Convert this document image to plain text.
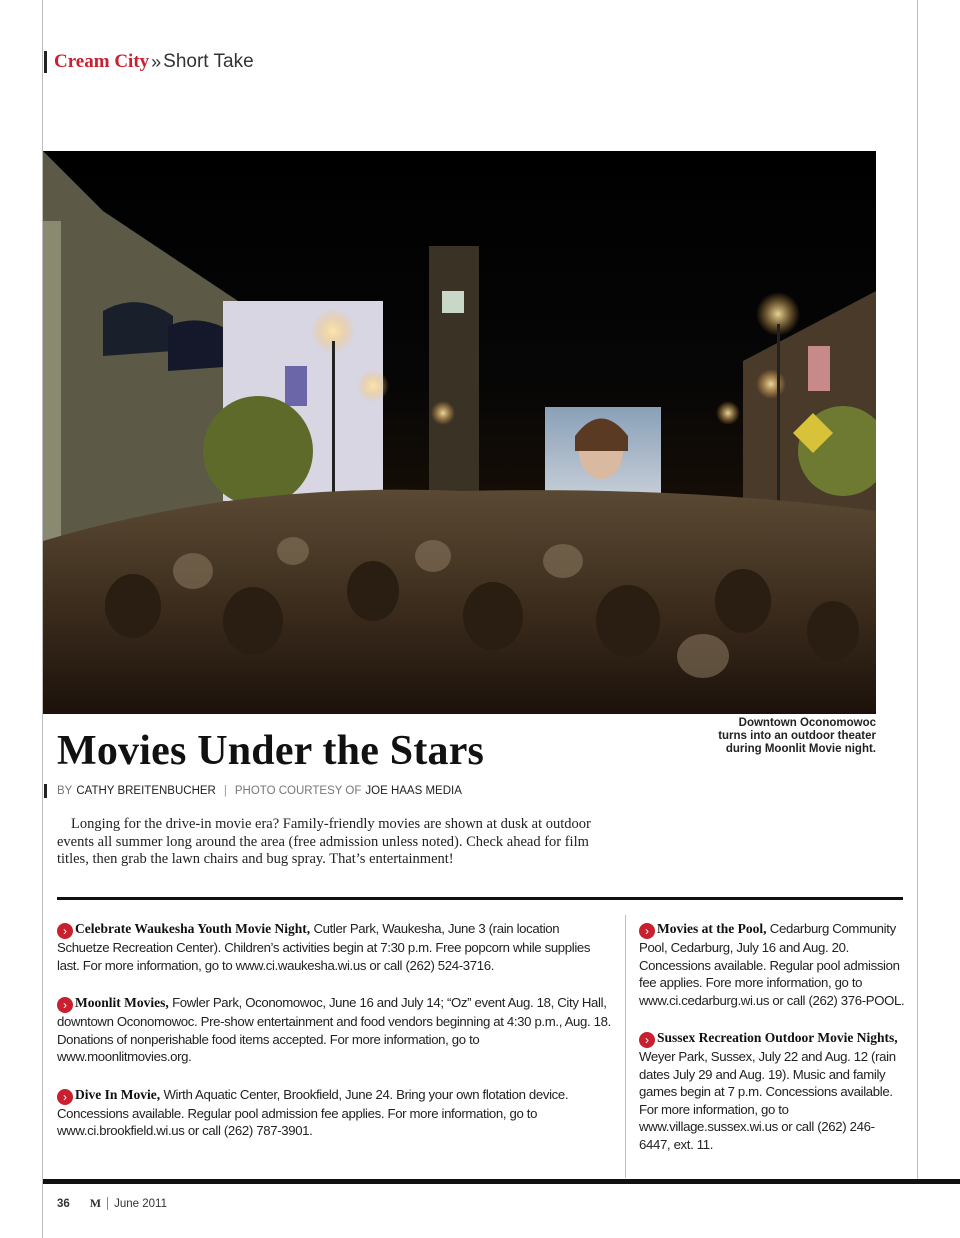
Cream City » Short Take
Downtown Oconomowoc
turns into an outdoor theater
during Moonlit Movie night.
Movies Under the Stars
BY CATHY BREITENBUCHER | PHOTO COURTESY OF JOE HAAS MEDIA

Longing for the drive-in movie era? Family-friendly movies are shown at dusk at outdoor events all summer long around the area (free admission unless noted). Check ahead for film titles, then grab the lawn chairs and bug spray. That’s entertainment!

› Celebrate Waukesha Youth Movie Night, Cutler Park, Waukesha, June 3 (rain location Schuetze Recreation Center). Children’s activities begin at 7:30 p.m. Free popcorn while supplies last. For more information, go to www.ci.waukesha.wi.us or call (262) 524-3716.

› Moonlit Movies, Fowler Park, Oconomowoc, June 16 and July 14; “Oz” event Aug. 18, City Hall, downtown Oconomowoc. Pre-show entertainment and food vendors beginning at 4:30 p.m., Aug. 18. Donations of nonperishable food items accepted. For more information, go to www.moonlitmovies.org.

› Dive In Movie, Wirth Aquatic Center, Brookfield, June 24. Bring your own flotation device. Concessions available. Regular pool admission fee applies. For more information, go to www.ci.brookfield.wi.us or call (262) 787-3901.

› Movies at the Pool, Cedarburg Community Pool, Cedarburg, July 16 and Aug. 20. Concessions available. Regular pool admission fee applies. Fore more information, go to www.ci.cedarburg.wi.us or call (262) 376-POOL.

› Sussex Recreation Outdoor Movie Nights, Weyer Park, Sussex, July 22 and Aug. 12 (rain dates July 29 and Aug. 19). Music and family games begin at 7 p.m. Concessions available. For more information, go to www.village.sussex.wi.us or call (262) 246-6447, ext. 11.

36 M June 2011
